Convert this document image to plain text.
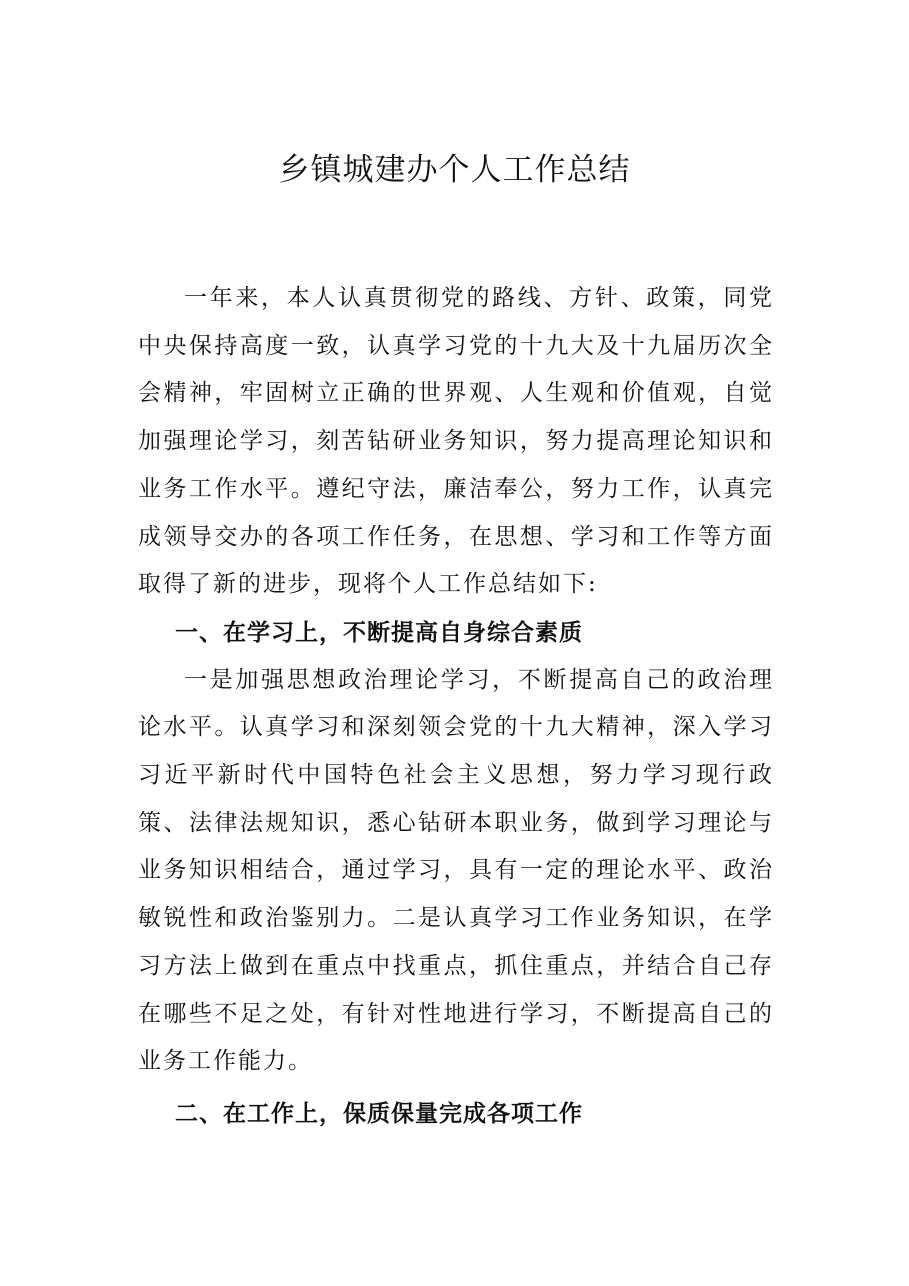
乡镇城建办个人工作总结

一年来，本人认真贯彻党的路线、方针、政策，同党中央保持高度一致，认真学习党的十九大及十九届历次全会精神，牢固树立正确的世界观、人生观和价值观，自觉加强理论学习，刻苦钻研业务知识，努力提高理论知识和业务工作水平。遵纪守法，廉洁奉公，努力工作，认真完成领导交办的各项工作任务，在思想、学习和工作等方面取得了新的进步，现将个人工作总结如下:

一、在学习上，不断提高自身综合素质

一是加强思想政治理论学习，不断提高自己的政治理论水平。认真学习和深刻领会党的十九大精神，深入学习习近平新时代中国特色社会主义思想，努力学习现行政策、法律法规知识，悉心钻研本职业务，做到学习理论与业务知识相结合，通过学习，具有一定的理论水平、政治敏锐性和政治鉴别力。二是认真学习工作业务知识，在学习方法上做到在重点中找重点，抓住重点，并结合自己存在哪些不足之处，有针对性地进行学习，不断提高自己的业务工作能力。

二、在工作上，保质保量完成各项工作
